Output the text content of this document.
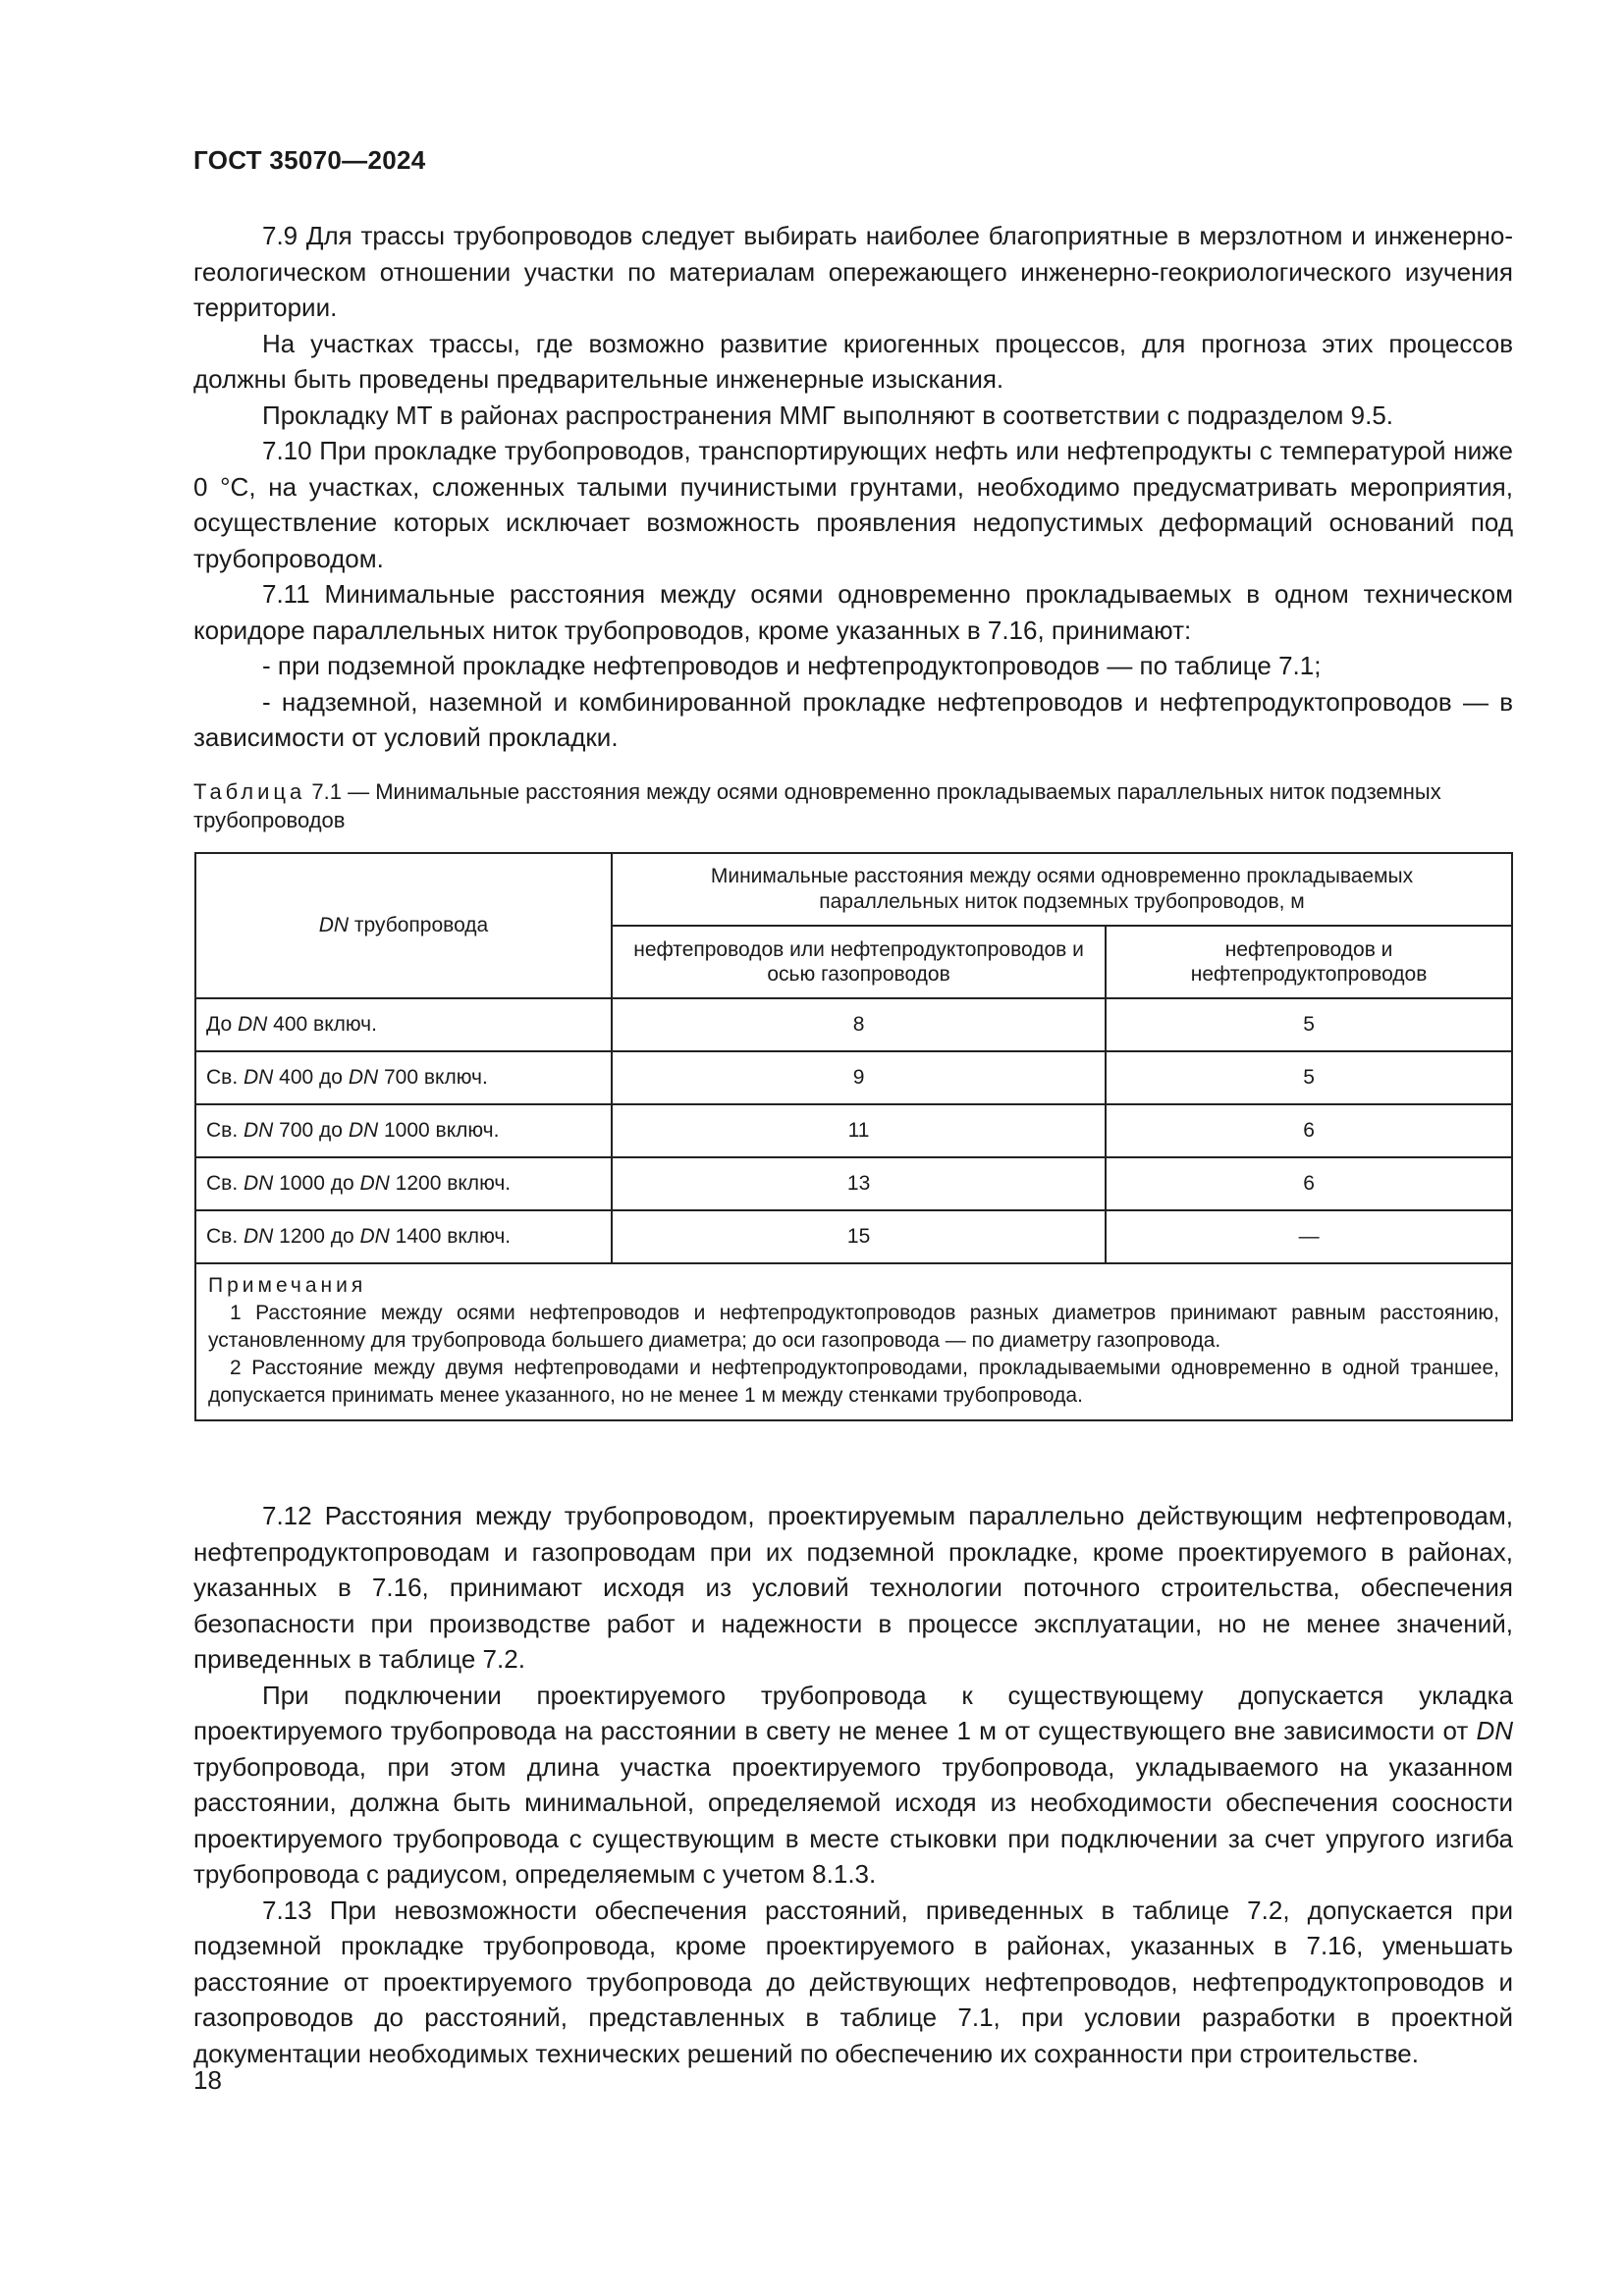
ГОСТ 35070—2024

7.9 Для трассы трубопроводов следует выбирать наиболее благоприятные в мерзлотном и инженерно-геологическом отношении участки по материалам опережающего инженерно-геокриологического изучения территории.

На участках трассы, где возможно развитие криогенных процессов, для прогноза этих процессов должны быть проведены предварительные инженерные изыскания.

Прокладку МТ в районах распространения ММГ выполняют в соответствии с подразделом 9.5.

7.10 При прокладке трубопроводов, транспортирующих нефть или нефтепродукты с температурой ниже 0 °С, на участках, сложенных талыми пучинистыми грунтами, необходимо предусматривать мероприятия, осуществление которых исключает возможность проявления недопустимых деформаций оснований под трубопроводом.

7.11 Минимальные расстояния между осями одновременно прокладываемых в одном техническом коридоре параллельных ниток трубопроводов, кроме указанных в 7.16, принимают:

- при подземной прокладке нефтепроводов и нефтепродуктопроводов — по таблице 7.1;

- надземной, наземной и комбинированной прокладке нефтепроводов и нефтепродуктопроводов — в зависимости от условий прокладки.

Таблица 7.1 — Минимальные расстояния между осями одновременно прокладываемых параллельных ниток подземных трубопроводов
DN трубопровода	Минимальные расстояния между осями одновременно прокладываемых параллельных ниток подземных трубопроводов, м	
	нефтепроводов или нефтепродуктопроводов и осью газопроводов	нефтепроводов и нефтепродуктопроводов
До DN 400 включ.	8	5
Св. DN 400 до DN 700 включ.	9	5
Св. DN 700 до DN 1000 включ.	11	6
Св. DN 1000 до DN 1200 включ.	13	6
Св. DN 1200 до DN 1400 включ.	15	—

Примечания
1 Расстояние между осями нефтепроводов и нефтепродуктопроводов разных диаметров принимают равным расстоянию, установленному для трубопровода большего диаметра; до оси газопровода — по диаметру газопровода.
2 Расстояние между двумя нефтепроводами и нефтепродуктопроводами, прокладываемыми одновременно в одной траншее, допускается принимать менее указанного, но не менее 1 м между стенками трубопровода.		

7.12 Расстояния между трубопроводом, проектируемым параллельно действующим нефтепроводам, нефтепродуктопроводам и газопроводам при их подземной прокладке, кроме проектируемого в районах, указанных в 7.16, принимают исходя из условий технологии поточного строительства, обеспечения безопасности при производстве работ и надежности в процессе эксплуатации, но не менее значений, приведенных в таблице 7.2.

При подключении проектируемого трубопровода к существующему допускается укладка проектируемого трубопровода на расстоянии в свету не менее 1 м от существующего вне зависимости от DN трубопровода, при этом длина участка проектируемого трубопровода, укладываемого на указанном расстоянии, должна быть минимальной, определяемой исходя из необходимости обеспечения соосности проектируемого трубопровода с существующим в месте стыковки при подключении за счет упругого изгиба трубопровода с радиусом, определяемым с учетом 8.1.3.

7.13 При невозможности обеспечения расстояний, приведенных в таблице 7.2, допускается при подземной прокладке трубопровода, кроме проектируемого в районах, указанных в 7.16, уменьшать расстояние от проектируемого трубопровода до действующих нефтепроводов, нефтепродуктопроводов и газопроводов до расстояний, представленных в таблице 7.1, при условии разработки в проектной документации необходимых технических решений по обеспечению их сохранности при строительстве.

18
